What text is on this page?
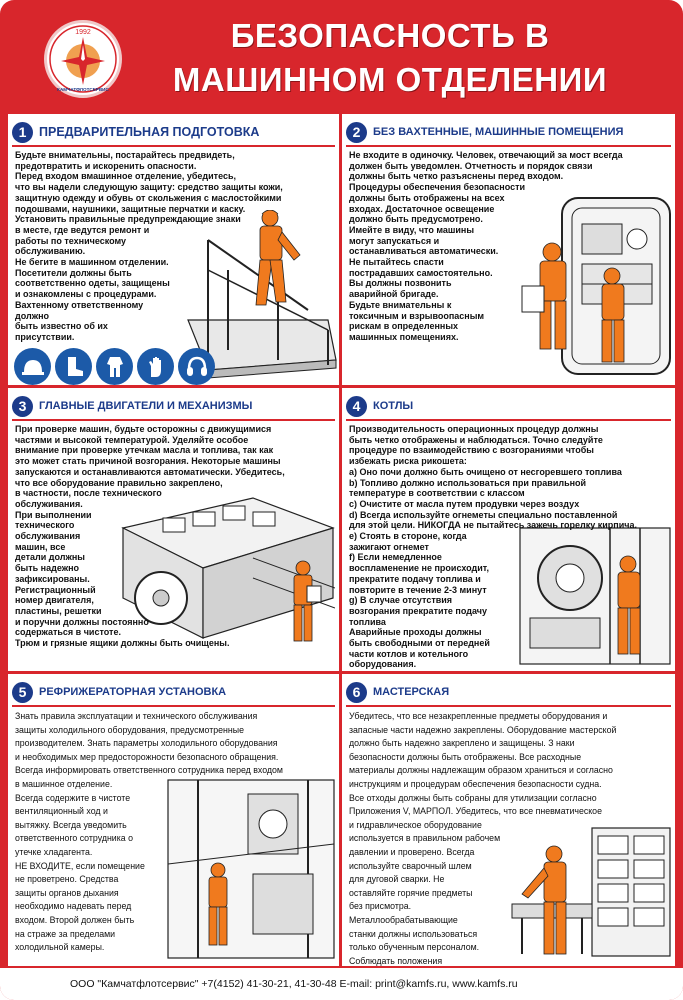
1992
КАМЧАТФЛОТСЕРВИС
БЕЗОПАСНОСТЬ В
МАШИННОМ ОТДЕЛЕНИИ
1	ПРЕДВАРИТЕЛЬНАЯ ПОДГОТОВКА

Будьте внимательны, постарайтесь предвидеть,

предотвратить и искоренить опасности.

Перед входом вмашинное отделение, убедитесь,

что вы надели следующую защиту: средство защиты кожи,

защитную одежду и обувь от скольжения с маслостойкими

подошвами, наушники, защитные перчатки и каску.

Установить правильные предупреждающие знаки

в месте, где ведутся ремонт и

работы по техническому

обслуживанию.

Не бегите в машинном отделении.

Посетители должны быть

соответственно одеты, защищены

и ознакомлены с процедурами.

Вахтенному ответственному

должно

быть известно об их

присутствии.

2	БЕЗ ВАХТЕННЫЕ, МАШИННЫЕ ПОМЕЩЕНИЯ

Не входите в одиночку. Человек, отвечающий за мост всегда

должен быть уведомлен. Отчетность и порядок связи

должны быть четко разъяснены перед входом.

Процедуры обеспечения безопасности

должны быть отображены на всех

входах. Достаточное освещение

должно быть предусмотрено.

Имейте в виду, что машины

могут запускаться и

останавливаться автоматически.

Не пытайтесь спасти

пострадавших самостоятельно.

Вы должны позвонить

аварийной бригаде.

Будьте внимательны к

токсичным и взрывоопасным

рискам в определенных

машинных помещениях.

3	ГЛАВНЫЕ ДВИГАТЕЛИ И МЕХАНИЗМЫ

При проверке машин, будьте осторожны с движущимися

частями и высокой температурой. Уделяйте особое

внимание при проверке утечкам масла и топлива, так как

это может стать причиной возгорания. Некоторые машины

запускаются и останавливаются автоматически. Убедитесь,

что все оборудование правильно закреплено,

в частности, после технического

обслуживания.

При выполнении

технического

обслуживания

машин, все

детали должны

быть надежно

зафиксированы.

Регистрационный

номер двигателя,

пластины, решетки

и поручни должны постоянно

содержаться в чистоте.

Трюм и грязные ящики должны быть очищены.

4	КОТЛЫ

Производительность операционных процедур должны

быть четко отображены и наблюдаться. Точно следуйте

процедуре по взаимодействию с возгораниями чтобы

избежать риска рикошета:

а) Оно почи должно быть очищено от несгоревшего топлива

b) Топливо должно использоваться при правильной

температуре в соответствии с классом

c) Очистите от масла путем продувки через воздух

d) Всегда используйте огнеметы специально поставленной

для этой цели. НИКОГДА не пытайтесь зажечь горелку кирпича.

e) Стоять в стороне, когда

зажигают огнемет

f) Если немедленное

воспламенение не происходит,

прекратите подачу топлива и

повторите в течение 2-3 минут

g) В случае отсутствия

возгорания прекратите подачу

топлива

Аварийные проходы должны

быть свободными от передней

части котлов и котельного

оборудования.

5	РЕФРИЖЕРАТОРНАЯ УСТАНОВКА

Знать правила эксплуатации и технического обслуживания

защиты холодильного оборудования, предусмотренные

производителем. Знать параметры холодильного оборудования

и необходимых мер предосторожности безопасного обращения.

Всегда информировать ответственного сотрудника перед входом

в машинное отделение.

Всегда содержите в чистоте

вентиляционный ход и

вытяжку. Всегда уведомить

ответственного сотрудника о

утечке хладагента.

НЕ ВХОДИТЕ, если помещение

не проветрено. Средства

защиты органов дыхания

необходимо надевать перед

входом. Второй должен быть

на страже за пределами

холодильной камеры.

6	МАСТЕРСКАЯ

Убедитесь, что все незакрепленные предметы оборудования и

запасные части надежно закреплены. Оборудование мастерской

должно быть надежно закреплено и защищены. З наки

безопасности должны быть отображены. Все расходные

материалы должны надлежащим образом храниться и согласно

инструкциям и процедурам обеспечения безопасности судна.

Все отходы должны быть собраны для утилизации согласно

Приложения V, МАРПОЛ. Убедитесь, что все пневматическое

и гидравлическое оборудование

используется в правильном рабочем

давлении и проверено. Всегда

используйте сварочный шлем

для дуговой сварки. Не

оставляйте горячие предметы

без присмотра.

Металлообрабатывающие

станки должны использоваться

только обученным персоналом.

Соблюдать положения

ООО "Камчатфлотсервис" +7(4152) 41-30-21, 41-30-48 E-mail: print@kamfs.ru, www.kamfs.ru
